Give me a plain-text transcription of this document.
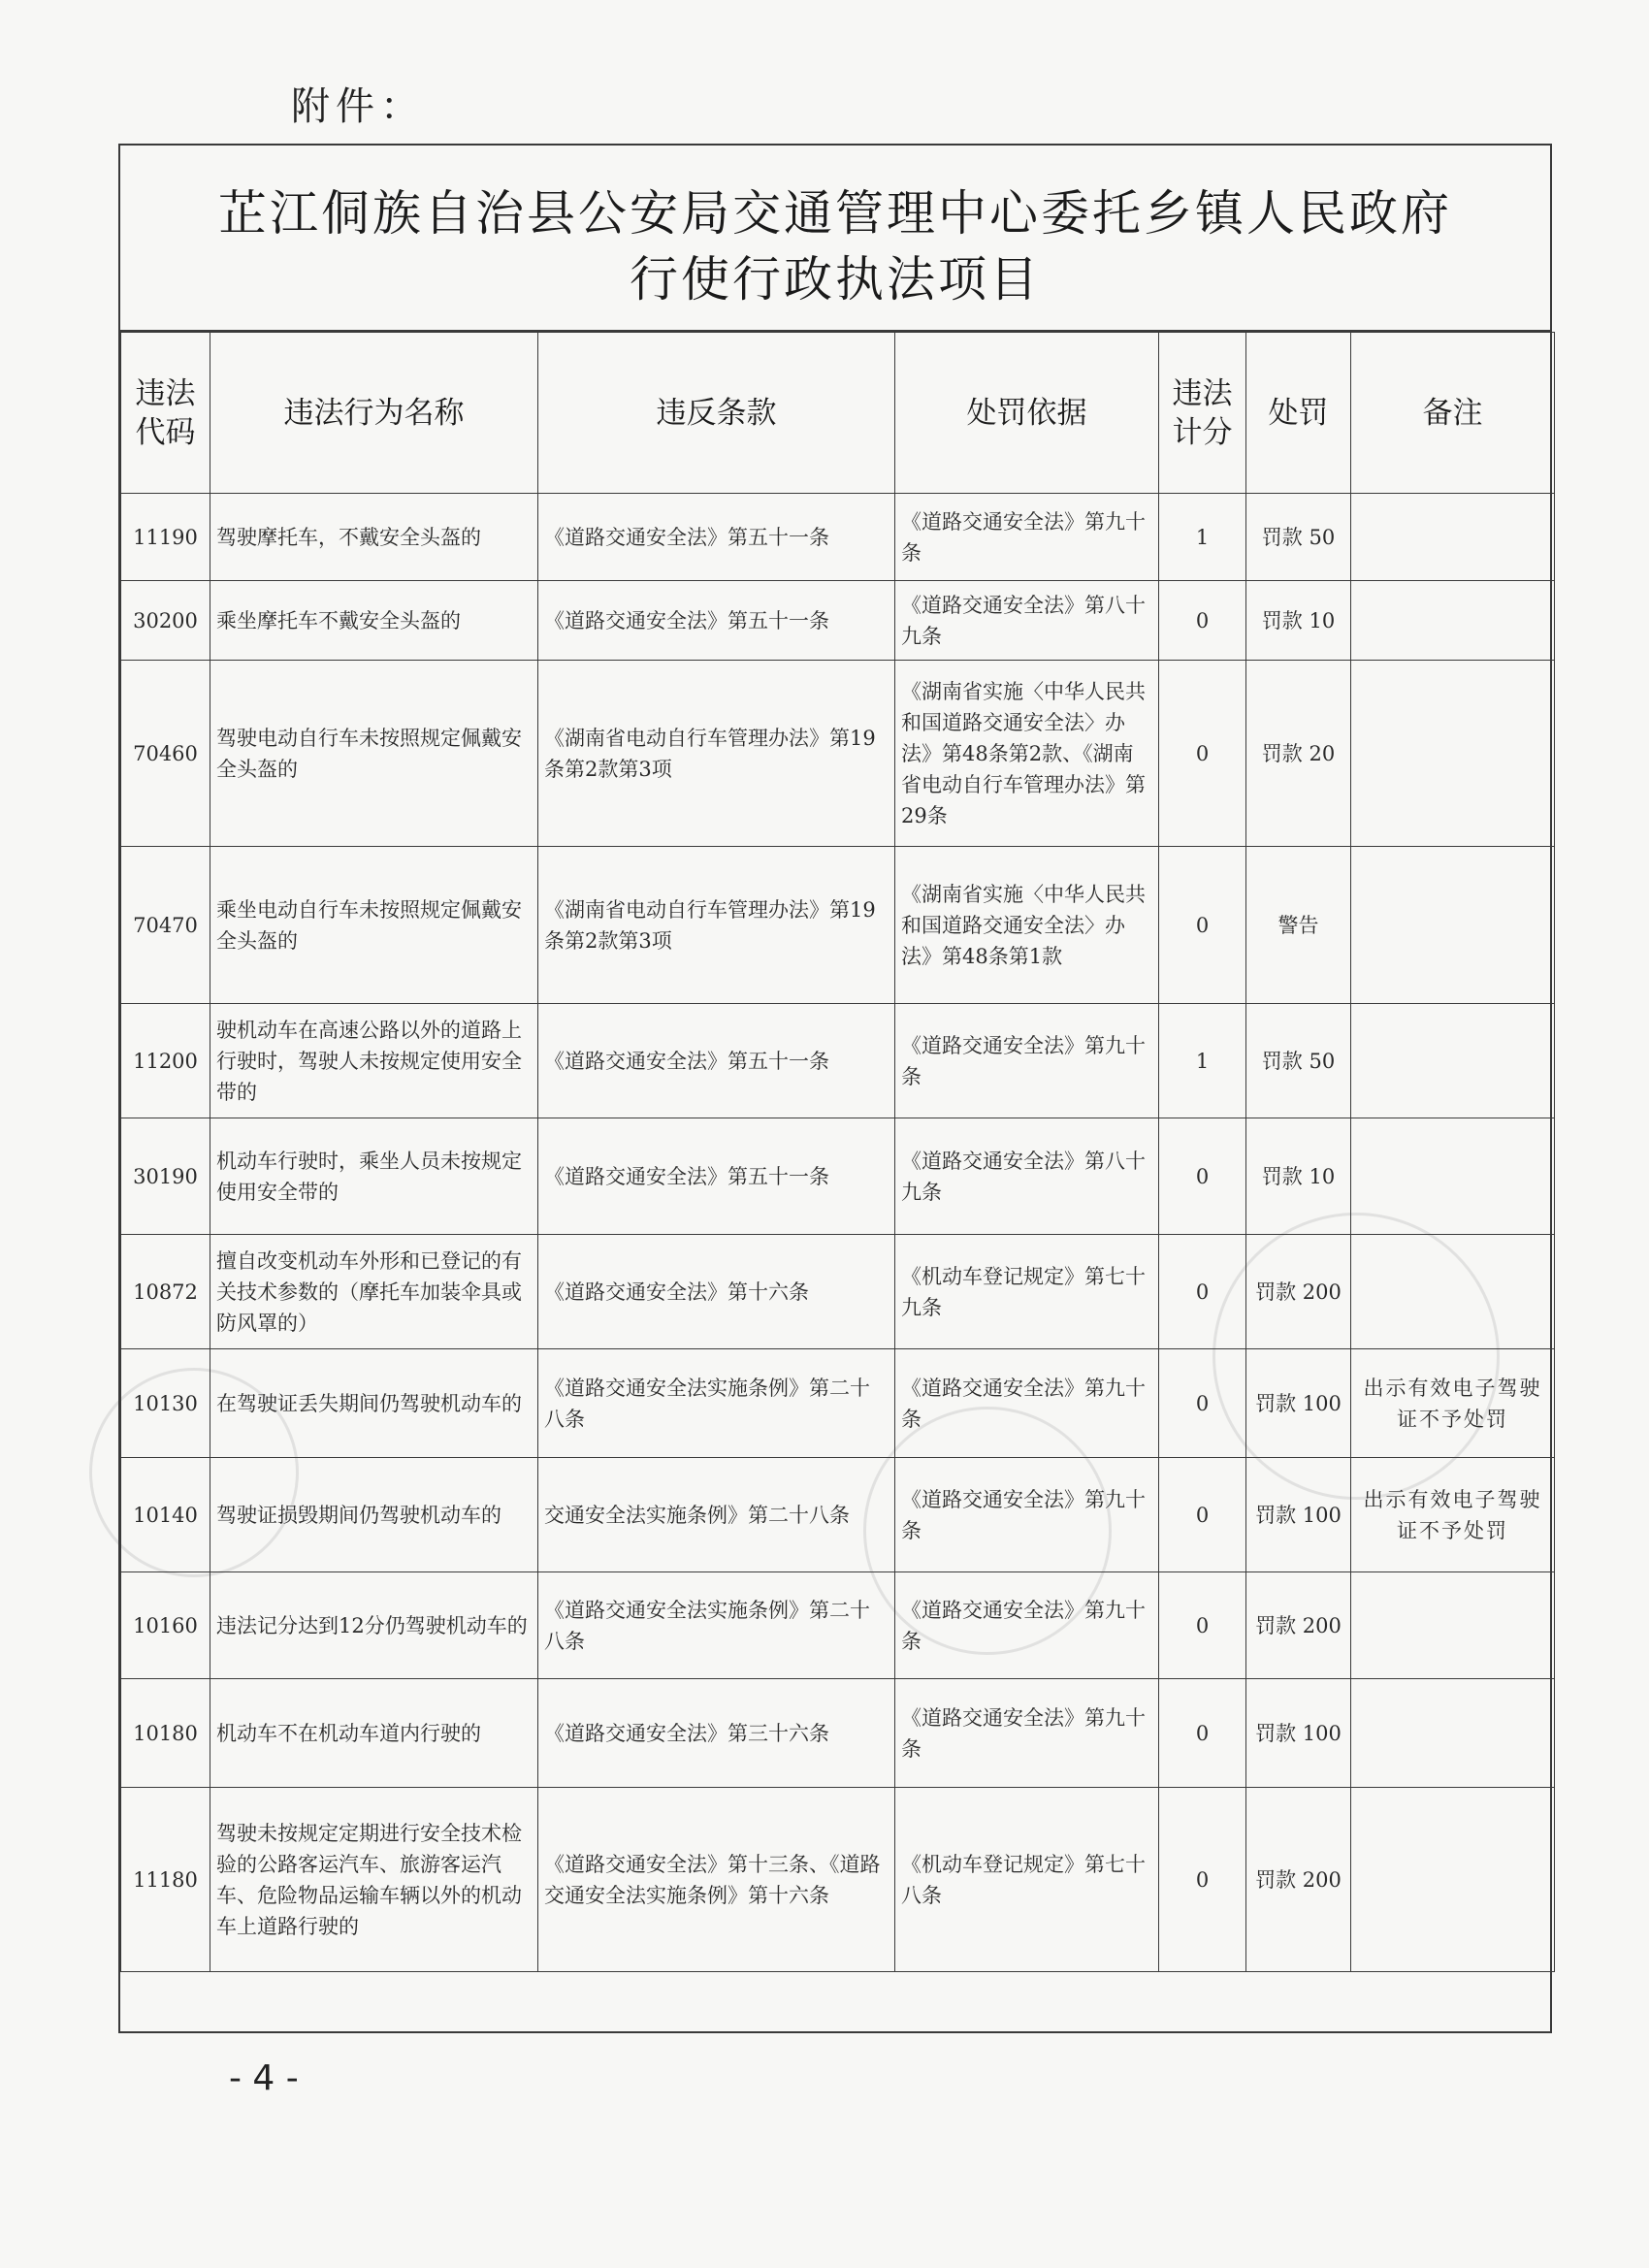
附件：
芷江侗族自治县公安局交通管理中心委托乡镇人民政府
行使行政执法项目
违法代码	违法行为名称	违反条款	处罚依据	违法计分	处罚	备注
11190	驾驶摩托车，不戴安全头盔的	《道路交通安全法》第五十一条	《道路交通安全法》第九十条	1	罚款 50	
30200	乘坐摩托车不戴安全头盔的	《道路交通安全法》第五十一条	《道路交通安全法》第八十九条	0	罚款 10	
70460	驾驶电动自行车未按照规定佩戴安全头盔的	《湖南省电动自行车管理办法》第19条第2款第3项	《湖南省实施〈中华人民共和国道路交通安全法〉办法》第48条第2款、《湖南省电动自行车管理办法》第29条	0	罚款 20	
70470	乘坐电动自行车未按照规定佩戴安全头盔的	《湖南省电动自行车管理办法》第19条第2款第3项	《湖南省实施〈中华人民共和国道路交通安全法〉办法》第48条第1款	0	警告	
11200	驶机动车在高速公路以外的道路上行驶时，驾驶人未按规定使用安全带的	《道路交通安全法》第五十一条	《道路交通安全法》第九十条	1	罚款 50	
30190	机动车行驶时，乘坐人员未按规定使用安全带的	《道路交通安全法》第五十一条	《道路交通安全法》第八十九条	0	罚款 10	
10872	擅自改变机动车外形和已登记的有关技术参数的（摩托车加装伞具或防风罩的）	《道路交通安全法》第十六条	《机动车登记规定》第七十九条	0	罚款 200	
10130	在驾驶证丢失期间仍驾驶机动车的	《道路交通安全法实施条例》第二十八条	《道路交通安全法》第九十条	0	罚款 100	出示有效电子驾驶证不予处罚
10140	驾驶证损毁期间仍驾驶机动车的	交通安全法实施条例》第二十八条	《道路交通安全法》第九十条	0	罚款 100	出示有效电子驾驶证不予处罚
10160	违法记分达到12分仍驾驶机动车的	《道路交通安全法实施条例》第二十八条	《道路交通安全法》第九十条	0	罚款 200	
10180	机动车不在机动车道内行驶的	《道路交通安全法》第三十六条	《道路交通安全法》第九十条	0	罚款 100	
11180	驾驶未按规定定期进行安全技术检验的公路客运汽车、旅游客运汽车、危险物品运输车辆以外的机动车上道路行驶的	《道路交通安全法》第十三条、《道路交通安全法实施条例》第十六条	《机动车登记规定》第七十八条	0	罚款 200	
- 4 -
